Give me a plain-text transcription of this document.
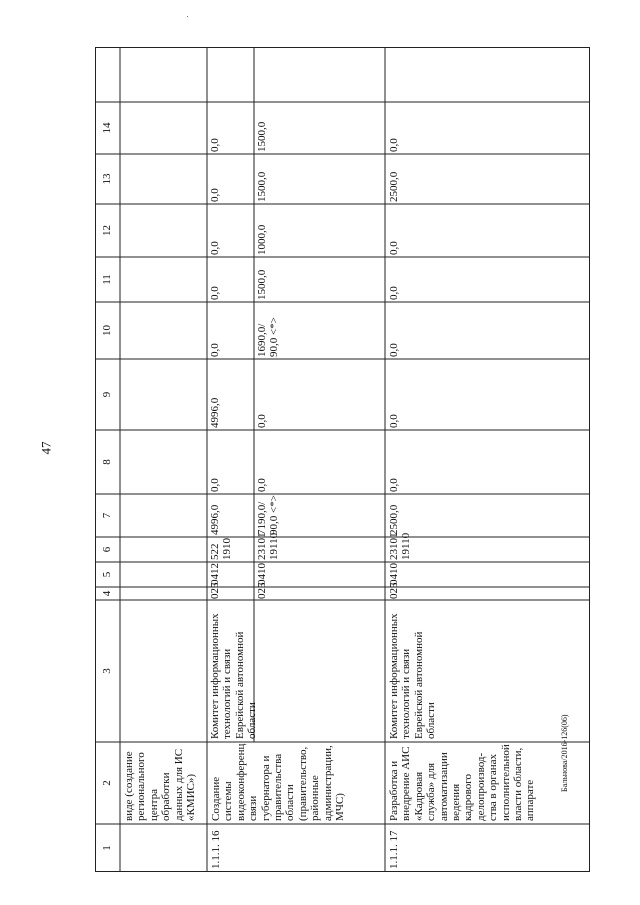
47
Бальнова/2016-126(06)
1
2
3
4
5
6
7
8
9
10
11
12
13
14
виде (создание регионального центра обработки данных для ИС «КМИС»)
Комитет информационных технологий и связи Еврейской автономной области
025
0412
522 1910
4996,0
0,0
4996,0
0,0
0,0
0,0
0,0
0,0
1.1.1. 16
Создание системы видеоконференц связи губернатора и правительства области (правительство, районные администрации, МЧС)
025
0410
23101 19110
7190,0/ 90,0 <*>
0,0
0,0
1690,0/ 90,0 <*>
1500,0
1000,0
1500,0
1500,0
1.1.1. 17
Разработка и внедрение АИС «Кадровая служба» для автоматизации ведения кадрового делопроизвод-ства в органах исполнительной власти области, аппарате
Комитет информационных технологий и связи Еврейской автономной области
025
0410
23101 19110
2500,0
0,0
0,0
0,0
0,0
0,0
2500,0
0,0
